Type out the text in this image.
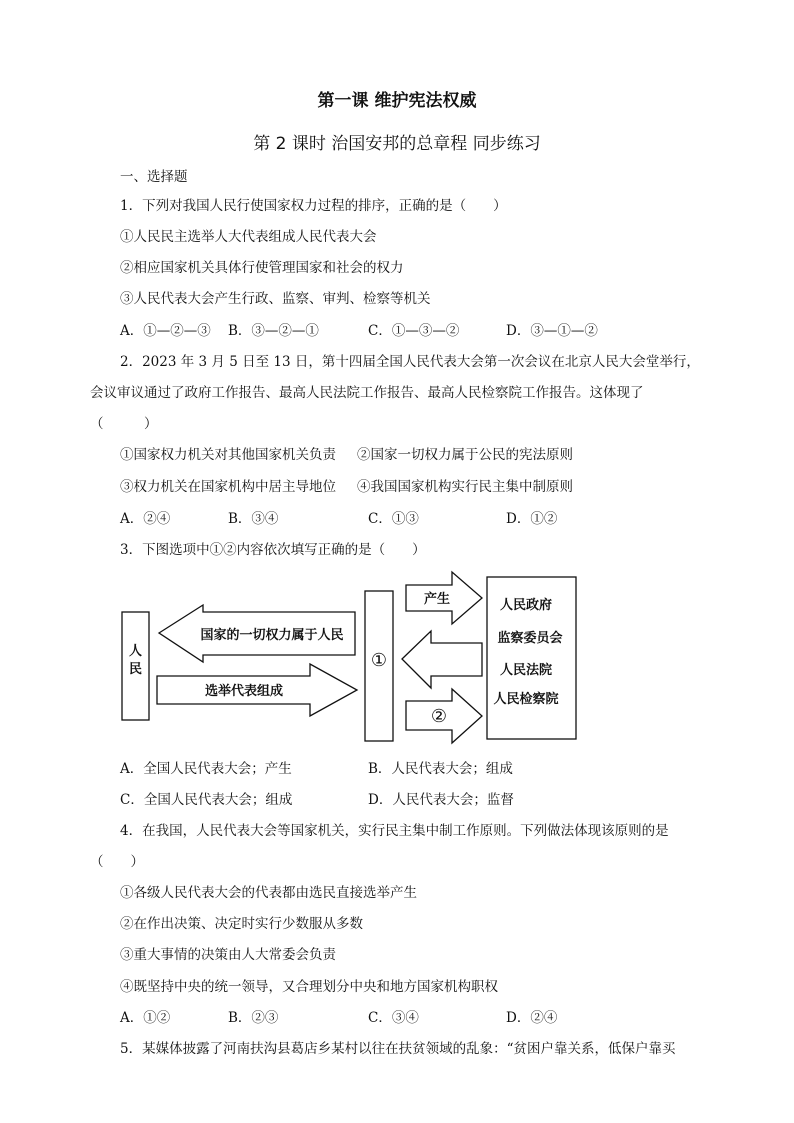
第一课 维护宪法权威
第 2 课时 治国安邦的总章程 同步练习
一、选择题
1．下列对我国人民行使国家权力过程的排序，正确的是（　　）
①人民民主选举人大代表组成人民代表大会
②相应国家机关具体行使管理国家和社会的权力
③人民代表大会产生行政、监察、审判、检察等机关
A．①—②—③ B．③—②—①	C．①—③—②	D．③—①—②
2．2023 年 3 月 5 日至 13 日，第十四届全国人民代表大会第一次会议在北京人民大会堂举行，
会议审议通过了政府工作报告、最高人民法院工作报告、最高人民检察院工作报告。这体现了
（　　　）
①国家权力机关对其他国家机关负责 ②国家一切权力属于公民的宪法原则
③权力机关在国家机构中居主导地位 ④我国国家机构实行民主集中制原则
A．②④	B．③④	C．①③	D．①②
3．下图选项中①②内容依次填写正确的是（　　）
人
民
国家的一切权力属于人民
选举代表组成
产生	人民政府
监察委员会
人民法院
人民检察院
①
②
A．全国人民代表大会；产生	B．人民代表大会；组成
C．全国人民代表大会；组成	D．人民代表大会；监督
4．在我国，人民代表大会等国家机关，实行民主集中制工作原则。下列做法体现该原则的是
（　　）
①各级人民代表大会的代表都由选民直接选举产生
②在作出决策、决定时实行少数服从多数
③重大事情的决策由人大常委会负责
④既坚持中央的统一领导，又合理划分中央和地方国家机构职权
A．①②	B．②③	C．③④	D．②④
5．某媒体披露了河南扶沟县葛店乡某村以往在扶贫领域的乱象：“贫困户靠关系，低保户靠买
